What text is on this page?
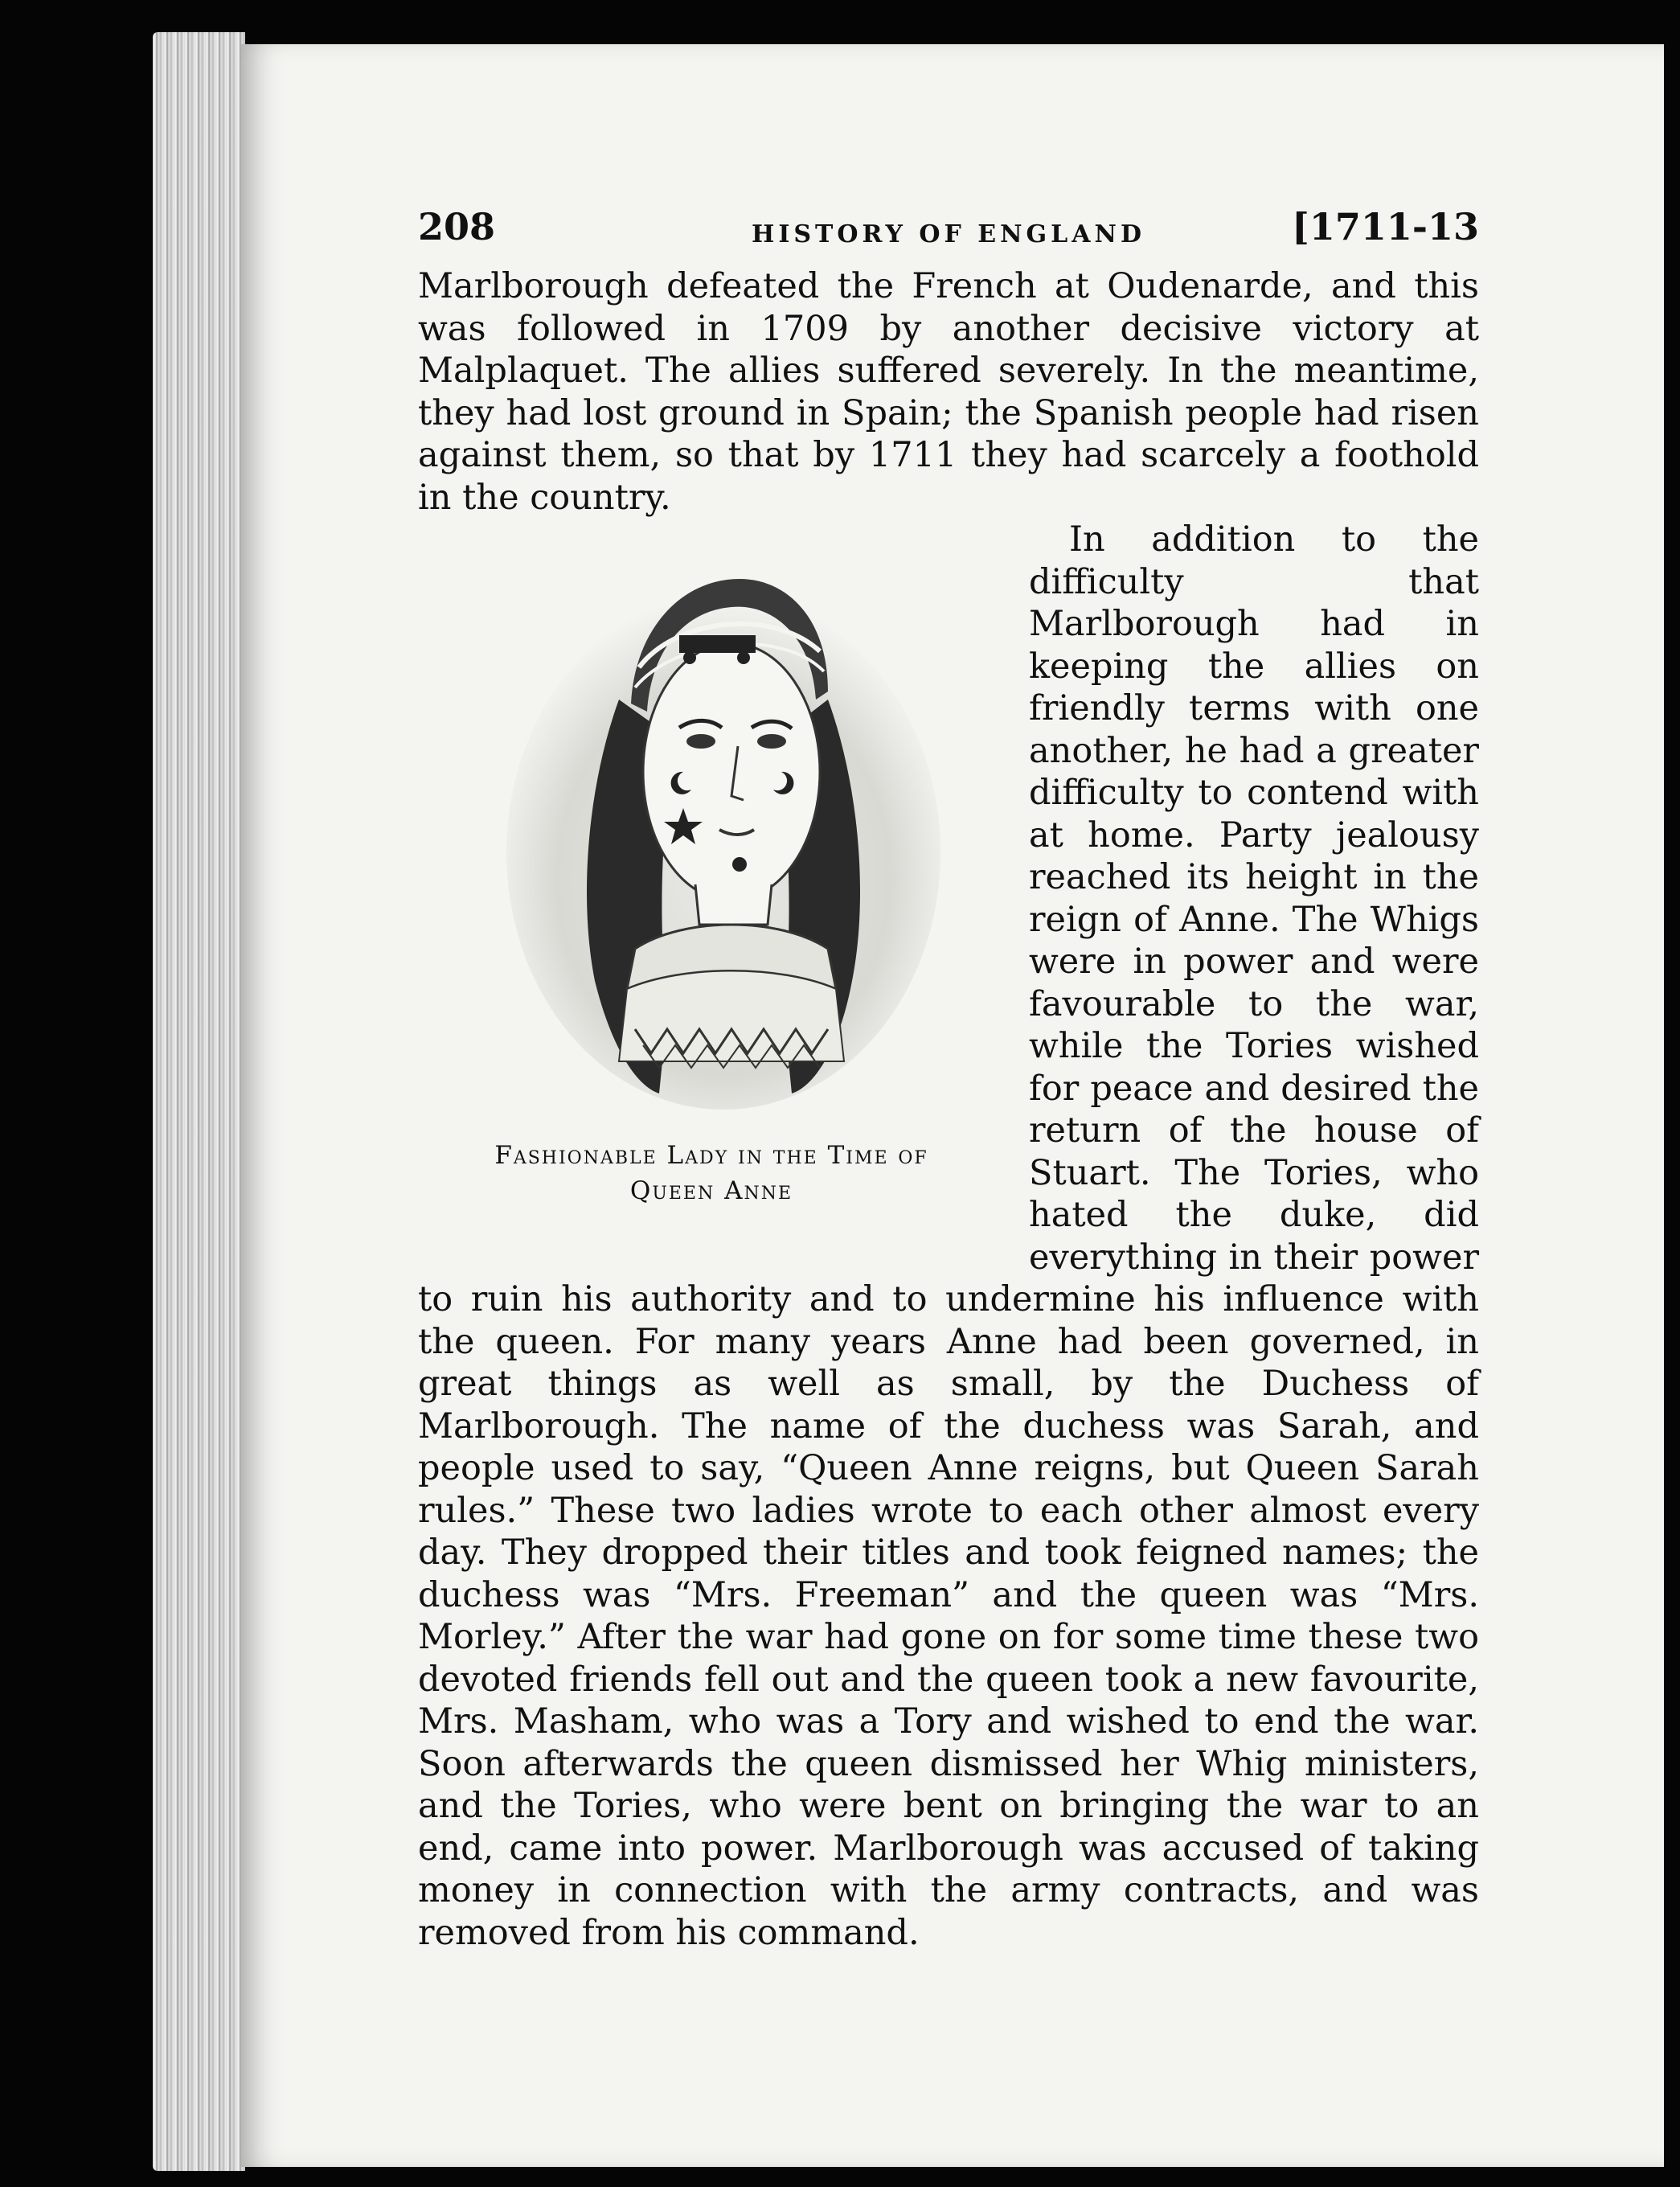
208	HISTORY OF ENGLAND	[1711-13

Marlborough defeated the French at Oudenarde, and this was followed in 1709 by another decisive victory at Malplaquet. The allies suffered severely. In the meantime, they had lost ground in Spain; the Spanish people had risen against them, so that by 1711 they had scarcely a foothold in the country.

Fashionable Lady in the Time of
Queen Anne

In addition to the difficulty that Marlborough had in keeping the allies on friendly terms with one another, he had a greater difficulty to contend with at home. Party jealousy reached its height in the reign of Anne. The Whigs were in power and were favourable to the war, while the Tories wished for peace and desired the return of the house of Stuart. The Tories, who hated the duke, did everything in their power to ruin his authority and to undermine his influence with the queen. For many years Anne had been governed, in great things as well as small, by the Duchess of Marlborough. The name of the duchess was Sarah, and people used to say, “Queen Anne reigns, but Queen Sarah rules.” These two ladies wrote to each other almost every day. They dropped their titles and took feigned names; the duchess was “Mrs. Freeman” and the queen was “Mrs. Morley.” After the war had gone on for some time these two devoted friends fell out and the queen took a new favourite, Mrs. Masham, who was a Tory and wished to end the war. Soon afterwards the queen dismissed her Whig ministers, and the Tories, who were bent on bringing the war to an end, came into power. Marlborough was accused of taking money in connection with the army contracts, and was removed from his command.
